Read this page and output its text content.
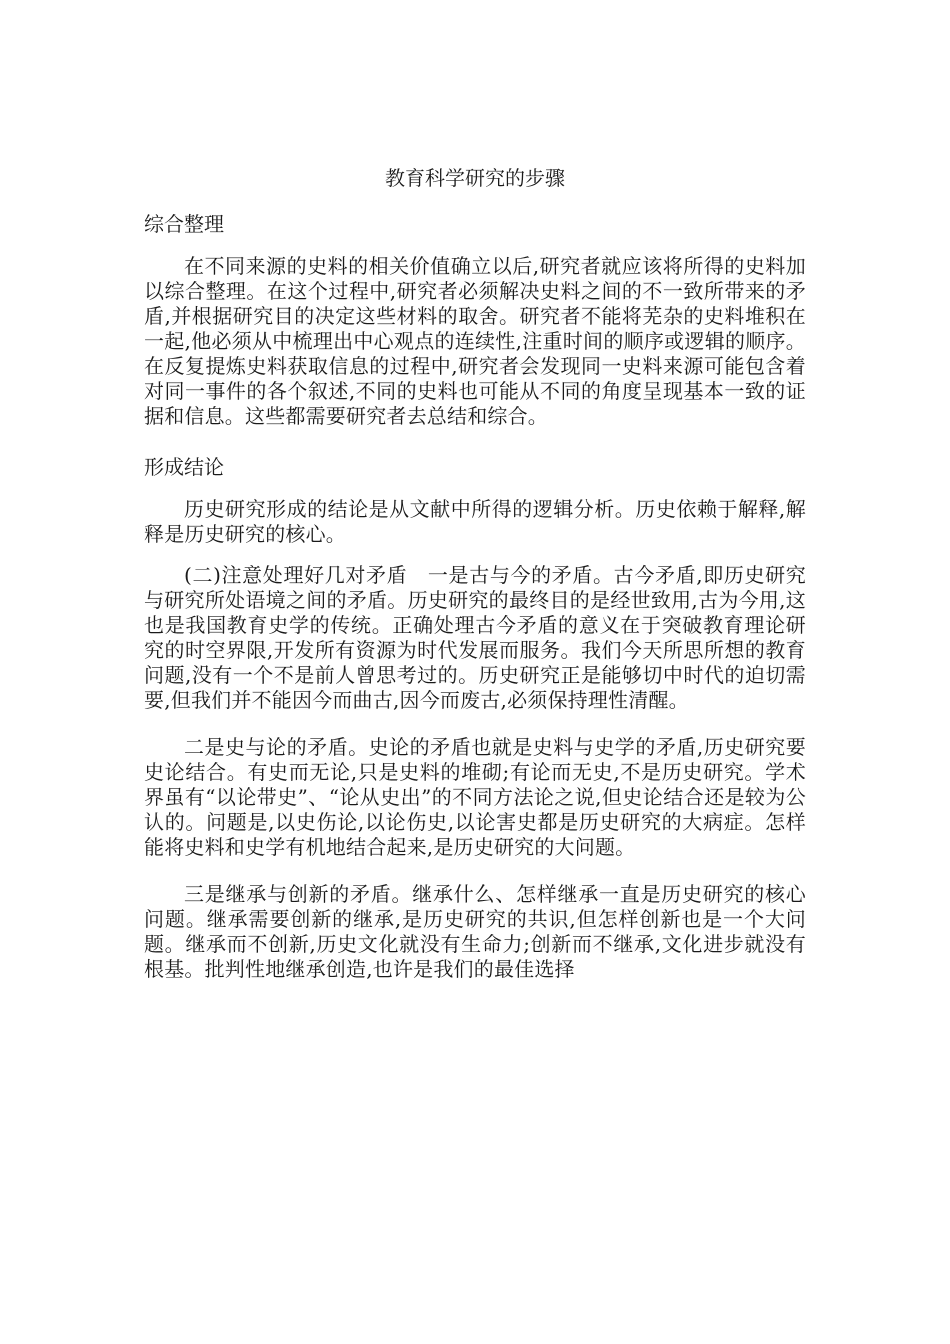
教育科学研究的步骤
综合整理

在不同来源的史料的相关价值确立以后,研究者就应该将所得的史料加以综合整理。在这个过程中,研究者必须解决史料之间的不一致所带来的矛盾,并根据研究目的决定这些材料的取舍。研究者不能将芜杂的史料堆积在一起,他必须从中梳理出中心观点的连续性,注重时间的顺序或逻辑的顺序。在反复提炼史料获取信息的过程中,研究者会发现同一史料来源可能包含着对同一事件的各个叙述,不同的史料也可能从不同的角度呈现基本一致的证据和信息。这些都需要研究者去总结和综合。

形成结论

历史研究形成的结论是从文献中所得的逻辑分析。历史依赖于解释,解释是历史研究的核心。

(二)注意处理好几对矛盾　一是古与今的矛盾。古今矛盾,即历史研究与研究所处语境之间的矛盾。历史研究的最终目的是经世致用,古为今用,这也是我国教育史学的传统。正确处理古今矛盾的意义在于突破教育理论研究的时空界限,开发所有资源为时代发展而服务。我们今天所思所想的教育问题,没有一个不是前人曾思考过的。历史研究正是能够切中时代的迫切需要,但我们并不能因今而曲古,因今而废古,必须保持理性清醒。

二是史与论的矛盾。史论的矛盾也就是史料与史学的矛盾,历史研究要史论结合。有史而无论,只是史料的堆砌;有论而无史,不是历史研究。学术界虽有“以论带史”、“论从史出”的不同方法论之说,但史论结合还是较为公认的。问题是,以史伤论,以论伤史,以论害史都是历史研究的大病症。怎样能将史料和史学有机地结合起来,是历史研究的大问题。

三是继承与创新的矛盾。继承什么、怎样继承一直是历史研究的核心问题。继承需要创新的继承,是历史研究的共识,但怎样创新也是一个大问题。继承而不创新,历史文化就没有生命力;创新而不继承,文化进步就没有根基。批判性地继承创造,也许是我们的最佳选择
